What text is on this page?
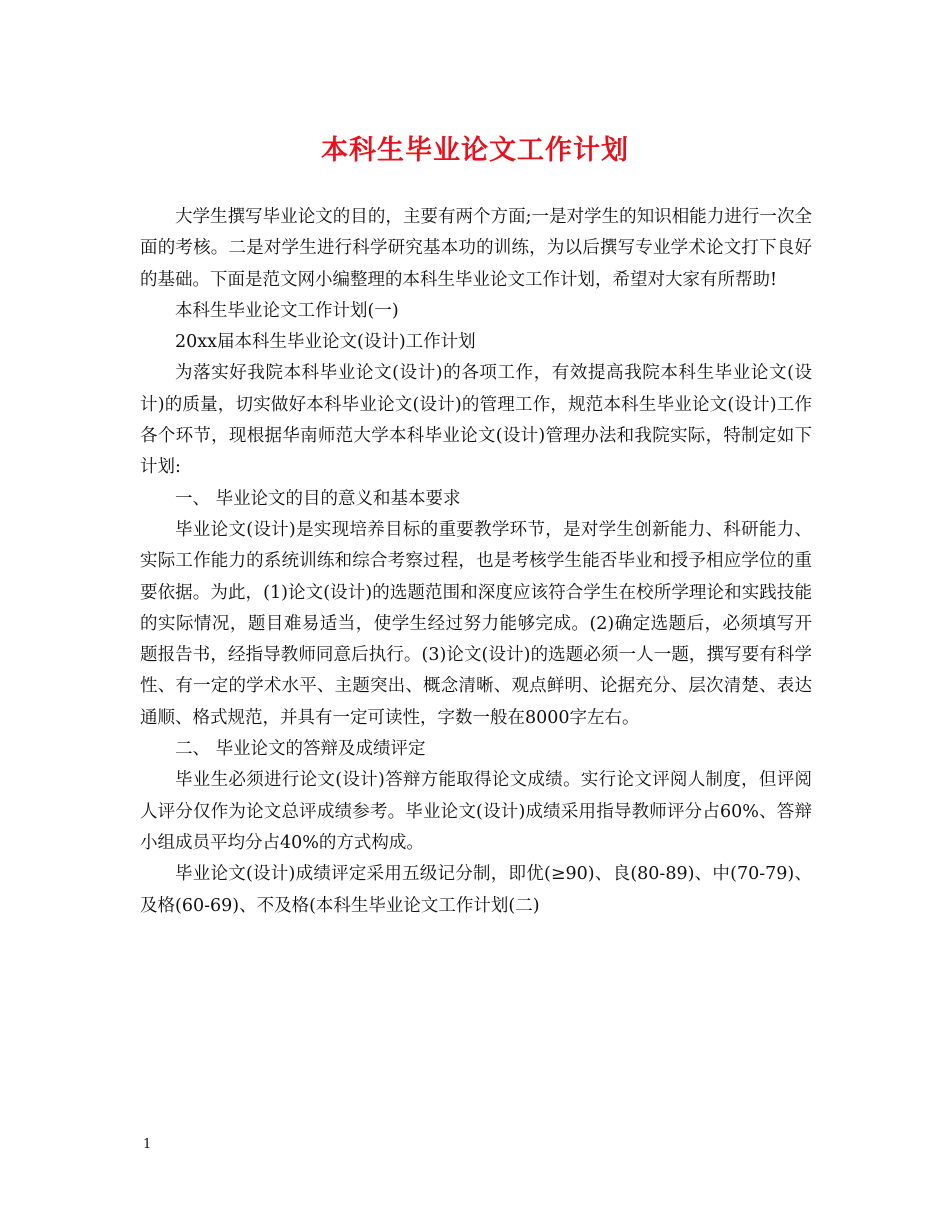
本科生毕业论文工作计划

大学生撰写毕业论文的目的，主要有两个方面;一是对学生的知识相能力进行一次全面的考核。二是对学生进行科学研究基本功的训练，为以后撰写专业学术论文打下良好的基础。下面是范文网小编整理的本科生毕业论文工作计划，希望对大家有所帮助!

本科生毕业论文工作计划(一)

20xx届本科生毕业论文(设计)工作计划

为落实好我院本科毕业论文(设计)的各项工作，有效提高我院本科生毕业论文(设计)的质量，切实做好本科毕业论文(设计)的管理工作，规范本科生毕业论文(设计)工作各个环节，现根据华南师范大学本科毕业论文(设计)管理办法和我院实际，特制定如下计划:

一、 毕业论文的目的意义和基本要求

毕业论文(设计)是实现培养目标的重要教学环节，是对学生创新能力、科研能力、实际工作能力的系统训练和综合考察过程，也是考核学生能否毕业和授予相应学位的重要依据。为此，(1)论文(设计)的选题范围和深度应该符合学生在校所学理论和实践技能的实际情况，题目难易适当，使学生经过努力能够完成。(2)确定选题后，必须填写开题报告书，经指导教师同意后执行。(3)论文(设计)的选题必须一人一题，撰写要有科学性、有一定的学术水平、主题突出、概念清晰、观点鲜明、论据充分、层次清楚、表达通顺、格式规范，并具有一定可读性，字数一般在8000字左右。

二、 毕业论文的答辩及成绩评定

毕业生必须进行论文(设计)答辩方能取得论文成绩。实行论文评阅人制度，但评阅人评分仅作为论文总评成绩参考。毕业论文(设计)成绩采用指导教师评分占60%、答辩小组成员平均分占40%的方式构成。

毕业论文(设计)成绩评定采用五级记分制，即优(≥90)、良(80-89)、中(70-79)、及格(60-69)、不及格(本科生毕业论文工作计划(二)

1
